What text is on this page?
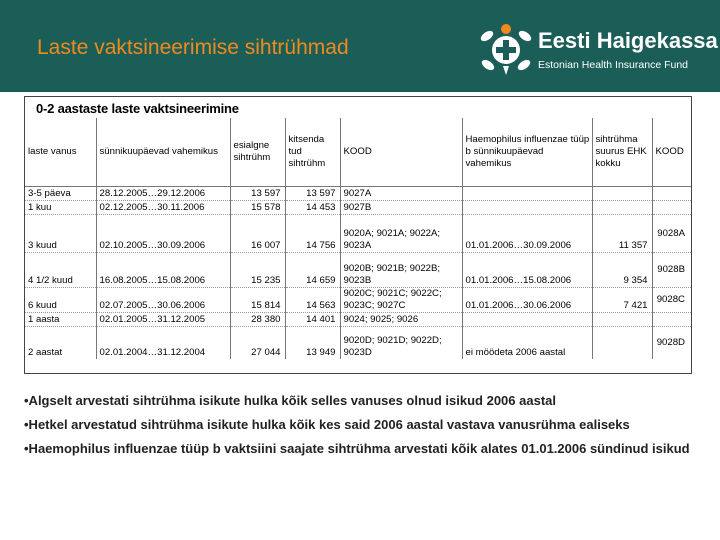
Laste vaktsineerimise sihtrühmad	Eesti Haigekassa
Estonian Health Insurance Fund
0-2 aastaste laste vaktsineerimine
laste vanus	sünnikuupäevad vahemikus	esialgne sihtrühm	kitsenda tud sihtrühm	KOOD	Haemophilus influenzae tüüp b sünnikuupäevad vahemikus	sihtrühma suurus EHK kokku	KOOD
3-5 päeva	28.12.2005…29.12.2006	13 597	13 597	9027A			
1 kuu	02.12.2005…30.11.2006	15 578	14 453	9027B			
3 kuud	02.10.2005…30.09.2006	16 007	14 756	9020A; 9021A; 9022A; 9023A	01.01.2006…30.09.2006	11 357	9028A
4 1/2 kuud	16.08.2005…15.08.2006	15 235	14 659	9020B; 9021B; 9022B; 9023B	01.01.2006…15.08.2006	9 354	9028B
6 kuud	02.07.2005…30.06.2006	15 814	14 563	9020C; 9021C; 9022C; 9023C; 9027C	01.01.2006…30.06.2006	7 421	9028C
1 aasta	02.01.2005…31.12.2005	28 380	14 401	9024; 9025; 9026			
2 aastat	02.01.2004…31.12.2004	27 044	13 949	9020D; 9021D; 9022D; 9023D	ei möödeta 2006 aastal		9028D

•Algselt arvestati sihtrühma isikute hulka kõik selles vanuses olnud isikud 2006 aastal

•Hetkel arvestatud sihtrühma isikute hulka kõik kes said 2006 aastal vastava vanusrühma ealiseks

•Haemophilus influenzae tüüp b vaktsiini saajate sihtrühma arvestati kõik alates 01.01.2006 sündinud isikud
